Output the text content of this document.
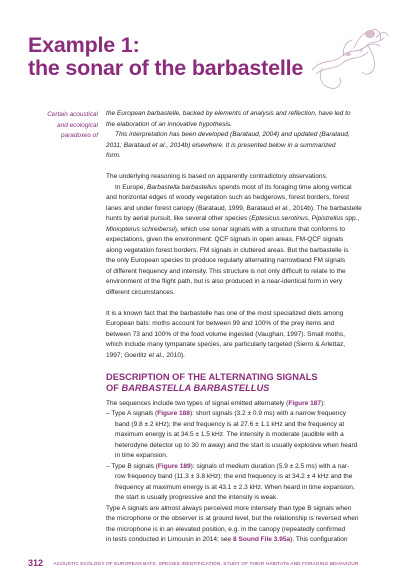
Example 1:
the sonar of the barbastelle
Certain acoustical
and ecological
paradoxes of
the European barbastelle, backed by elements of analysis and reflection, have led to
the elaboration of an innovative hypothesis.
This interpretation has been developed (Barataud, 2004) and updated (Barataud,
2011; Barataud et al., 2014b) elsewhere. It is presented below in a summarized
form.
The underlying reasoning is based on apparently contradictory observations.
In Europe, Barbastella barbastellus spends most of its foraging time along vertical
and horizontal edges of woody vegetation such as hedgerows, forest borders, forest
lanes and under forest canopy (Barataud, 1999, Barataud et al., 2014b). The barbastelle
hunts by aerial pursuit, like several other species (Eptesicus serotinus, Pipistrellus spp.,
Miniopterus schreibersii), which use sonar signals with a structure that conforms to
expectations, given the environment: QCF signals in open areas, FM-QCF signals
along vegetation forest borders, FM signals in cluttered areas. But the barbastelle is
the only European species to produce regularly alternating narrowband FM signals
of different frequency and intensity. This structure is not only difficult to relate to the
environment of the flight path, but is also produced in a near-identical form in very
different circumstances.
It is a known fact that the barbastelle has one of the most specialized diets among
European bats: moths account for between 99 and 100% of the prey items and
between 73 and 100% of the food volume ingested (Vaughan, 1997). Small moths,
which include many tympanate species, are particularly targeted (Sierro & Arlettaz,
1997; Goerlitz et al., 2010).
DESCRIPTION OF THE ALTERNATING SIGNALS
OF BARBASTELLA BARBASTELLUS
The sequences include two types of signal emitted alternately (Figure 187):
– Type A signals (Figure 188): short signals (3.2 ± 0.9 ms) with a narrow frequency
band (9.8 ± 2 kHz); the end frequency is at 27.6 ± 1.1 kHz and the frequency at
maximum energy is at 34.5 ± 1.5 kHz. The intensity is moderate (audible with a
heterodyne detector up to 30 m away) and the start is usually explosive when heard
in time expansion.
– Type B signals (Figure 189): signals of medium duration (5.9 ± 2.5 ms) with a nar-
row frequency band (11.3 ± 3.8 kHz); the end frequency is at 34.2 ± 4 kHz and the
frequency at maximum energy is at 43.1 ± 2.3 kHz. When heard in time expansion,
the start is usually progressive and the intensity is weak.
Type A signals are almost always perceived more intensely than type B signals when
the microphone or the observer is at ground level, but the relationship is reversed when
the microphone is in an elevated position, e.g. in the canopy (repeatedly confirmed
in tests conducted in Limousin in 2014; see 8 Sound File 3.95a). This configuration
312 ACOUSTIC ECOLOGY OF EUROPEAN BATS, SPECIES IDENTIFICATION, STUDY OF THEIR HABITATS AND FORAGING BEHAVIOUR
